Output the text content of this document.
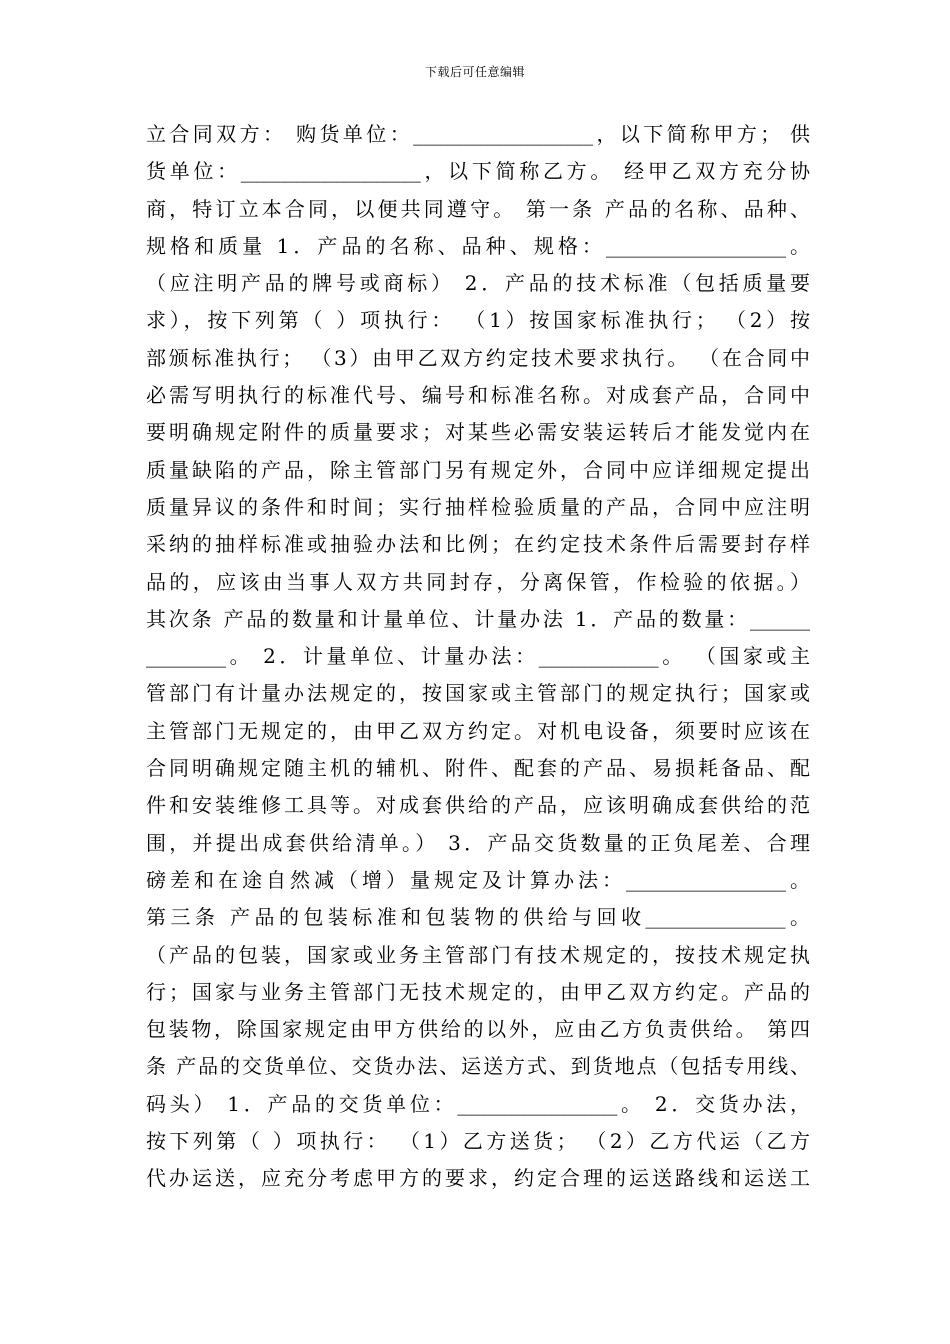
下载后可任意编辑
立合同双方： 购货单位：__________________，以下简称甲方； 供
货单位：__________________，以下简称乙方。 经甲乙双方充分协
商，特订立本合同，以便共同遵守。 第一条 产品的名称、品种、
规格和质量 1．产品的名称、品种、规格：__________________。
（应注明产品的牌号或商标） 2．产品的技术标准（包括质量要
求），按下列第（ ）项执行： （1）按国家标准执行； （2）按
部颁标准执行； （3）由甲乙双方约定技术要求执行。 （在合同中
必需写明执行的标准代号、编号和标准名称。对成套产品，合同中
要明确规定附件的质量要求；对某些必需安装运转后才能发觉内在
质量缺陷的产品，除主管部门另有规定外，合同中应详细规定提出
质量异议的条件和时间；实行抽样检验质量的产品，合同中应注明
采纳的抽样标准或抽验办法和比例；在约定技术条件后需要封存样
品的，应该由当事人双方共同封存，分离保管，作检验的依据。）
其次条 产品的数量和计量单位、计量办法 1．产品的数量：______
________。 2．计量单位、计量办法：____________。 （国家或主
管部门有计量办法规定的，按国家或主管部门的规定执行；国家或
主管部门无规定的，由甲乙双方约定。对机电设备，须要时应该在
合同明确规定随主机的辅机、附件、配套的产品、易损耗备品、配
件和安装维修工具等。对成套供给的产品，应该明确成套供给的范
围，并提出成套供给清单。） 3．产品交货数量的正负尾差、合理
磅差和在途自然减（增）量规定及计算办法：________________。
第三条 产品的包装标准和包装物的供给与回收______________。
（产品的包装，国家或业务主管部门有技术规定的，按技术规定执
行；国家与业务主管部门无技术规定的，由甲乙双方约定。产品的
包装物，除国家规定由甲方供给的以外，应由乙方负责供给。 第四
条 产品的交货单位、交货办法、运送方式、到货地点（包括专用线、
码头） 1．产品的交货单位：________________。 2．交货办法，
按下列第（ ）项执行： （1）乙方送货； （2）乙方代运（乙方
代办运送，应充分考虑甲方的要求，约定合理的运送路线和运送工
